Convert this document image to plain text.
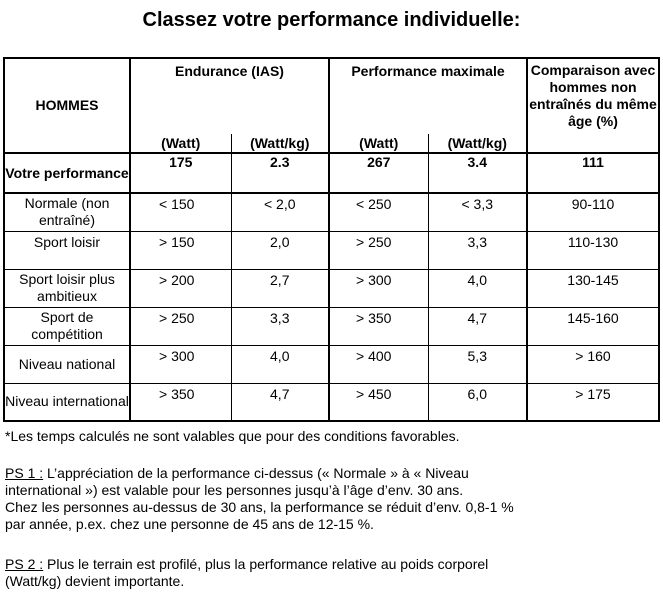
Classez votre performance individuelle:
HOMMES	Endurance (IAS)		Performance maximale		Comparaison avec hommes non entraînés du même âge (%)
	(Watt)	(Watt/kg)	(Watt)	(Watt/kg)	
Votre performance	175	2.3	267	3.4	111
Normale (non entraîné)	< 150	< 2,0	< 250	< 3,3	90-110
Sport loisir	> 150	2,0	> 250	3,3	110-130
Sport loisir plus ambitieux	> 200	2,7	> 300	4,0	130-145
Sport de compétition	> 250	3,3	> 350	4,7	145-160
Niveau national	> 300	4,0	> 400	5,3	> 160
Niveau international	> 350	4,7	> 450	6,0	> 175
*Les temps calculés ne sont valables que pour des conditions favorables.
PS 1 : L’appréciation de la performance ci-dessus (« Normale » à « Niveau
international ») est valable pour les personnes jusqu’à l’âge d’env. 30 ans.
Chez les personnes au-dessus de 30 ans, la performance se réduit d’env. 0,8-1 %
par année, p.ex. chez une personne de 45 ans de 12-15 %.
PS 2 : Plus le terrain est profilé, plus la performance relative au poids corporel
(Watt/kg) devient importante.
